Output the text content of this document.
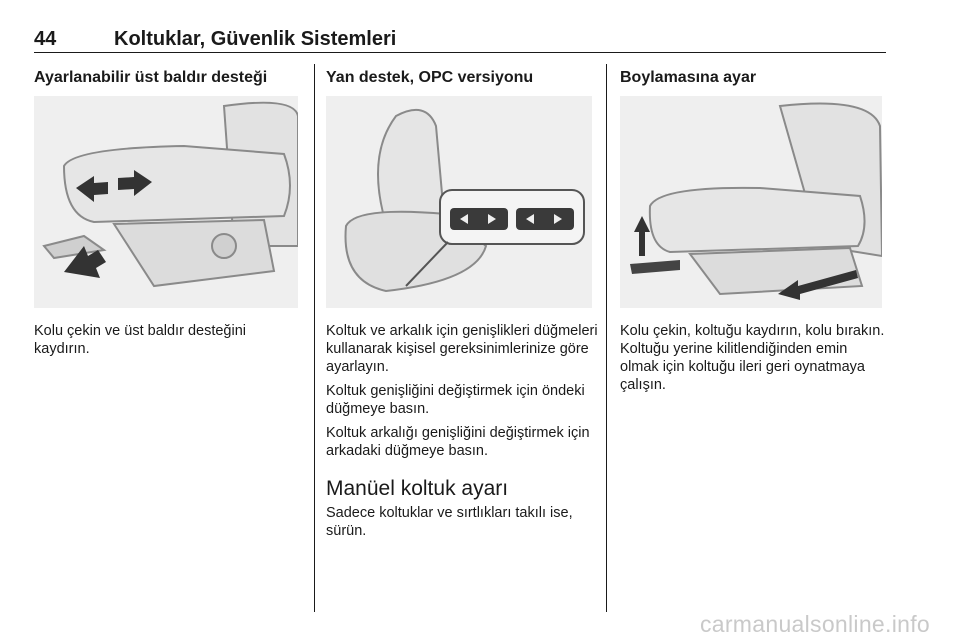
44	Koltuklar, Güvenlik Sistemleri
Ayarlanabilir üst baldır desteği

Kolu çekin ve üst baldır desteğini kaydırın.

Yan destek, OPC versiyonu

Koltuk ve arkalık için genişlikleri düğmeleri kullanarak kişisel gereksinimlerinize göre ayarlayın.

Koltuk genişliğini değiştirmek için öndeki düğmeye basın.

Koltuk arkalığı genişliğini değiştirmek için arkadaki düğmeye basın.

Manüel koltuk ayarı

Sadece koltuklar ve sırtlıkları takılı ise, sürün.

Boylamasına ayar

Kolu çekin, koltuğu kaydırın, kolu bırakın. Koltuğu yerine kilitlendiğinden emin olmak için koltuğu ileri geri oynatmaya çalışın.

carmanualsonline.info
